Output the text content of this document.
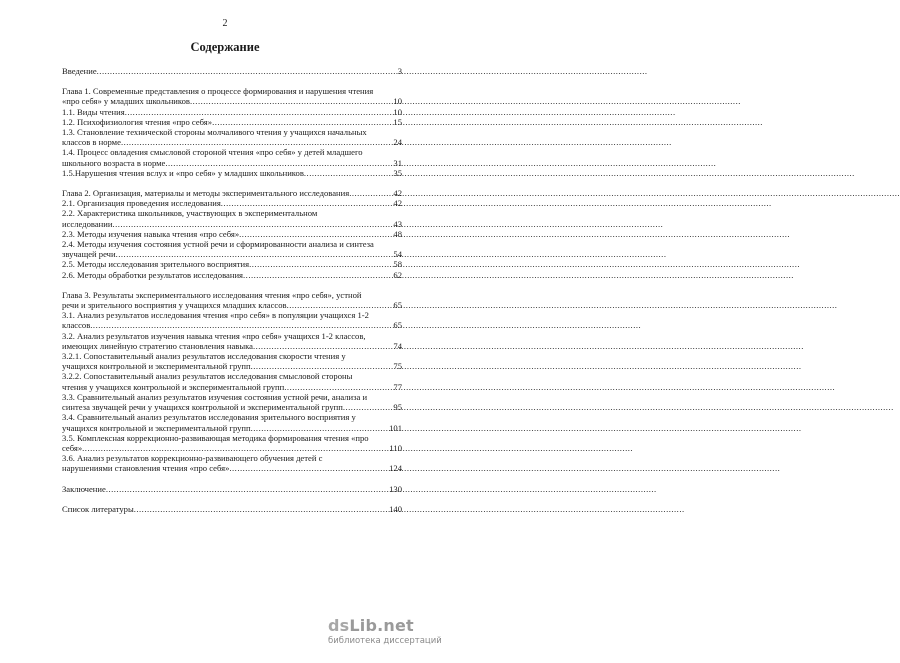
2
Содержание
Введение .....	3
Глава 1. Современные представления о процессе формирования и нарушения чтения
«про себя» у младших школьников .....	10
1.1. Виды чтения .....	10
1.2. Психофизиология чтения «про себя» .....	15
1.3. Становление технической стороны молчаливого чтения у учащихся начальных
классов в норме .....	24
1.4. Процесс овладения смысловой стороной чтения «про себя» у детей младшего
школьного возраста в норме .....	31
1.5.Нарушения чтения вслух и «про себя» у младших школьников .....	35
Глава 2. Организация, материалы и методы экспериментального исследования .....	42
2.1. Организация проведения исследования .....	42
2.2. Характеристика школьников, участвующих в экспериментальном
исследовании .....	43
2.3. Методы изучения навыка чтения «про себя» .....	48
2.4. Методы изучения состояния устной речи и сформированности анализа и синтеза
звучащей речи .....	54
2.5. Методы исследования зрительного восприятия .....	58
2.6. Методы обработки результатов исследования .....	62
Глава 3. Результаты экспериментального исследования чтения «про себя», устной
речи и зрительного восприятия у учащихся младших классов .....	65
3.1. Анализ результатов исследования чтения «про себя» в популяции учащихся 1-2
классов .....	65
3.2. Анализ результатов изучения навыка чтения «про себя» учащихся 1-2 классов,
имеющих линейную стратегию становления навыка .....	74
3.2.1. Сопоставительный анализ результатов исследования скорости чтения у
учащихся контрольной и экспериментальной групп .....	75
3.2.2. Сопоставительный анализ результатов исследования смысловой стороны
чтения у учащихся контрольной и экспериментальной групп .....	77
3.3. Сравнительный анализ результатов изучения состояния устной речи, анализа и
синтеза звучащей речи у учащихся контрольной и экспериментальной групп .....	95
3.4. Сравнительный анализ результатов исследования зрительного восприятия у
учащихся контрольной и экспериментальной групп .....	101
3.5. Комплексная коррекционно-развивающая методика формирования чтения «про
себя» .....	110
3.6. Анализ результатов коррекционно-развивающего обучения детей с
нарушениями становления чтения «про себя» .....	124
Заключение .....	130
Список литературы .....	140
dsLib.net
библиотека диссертаций
